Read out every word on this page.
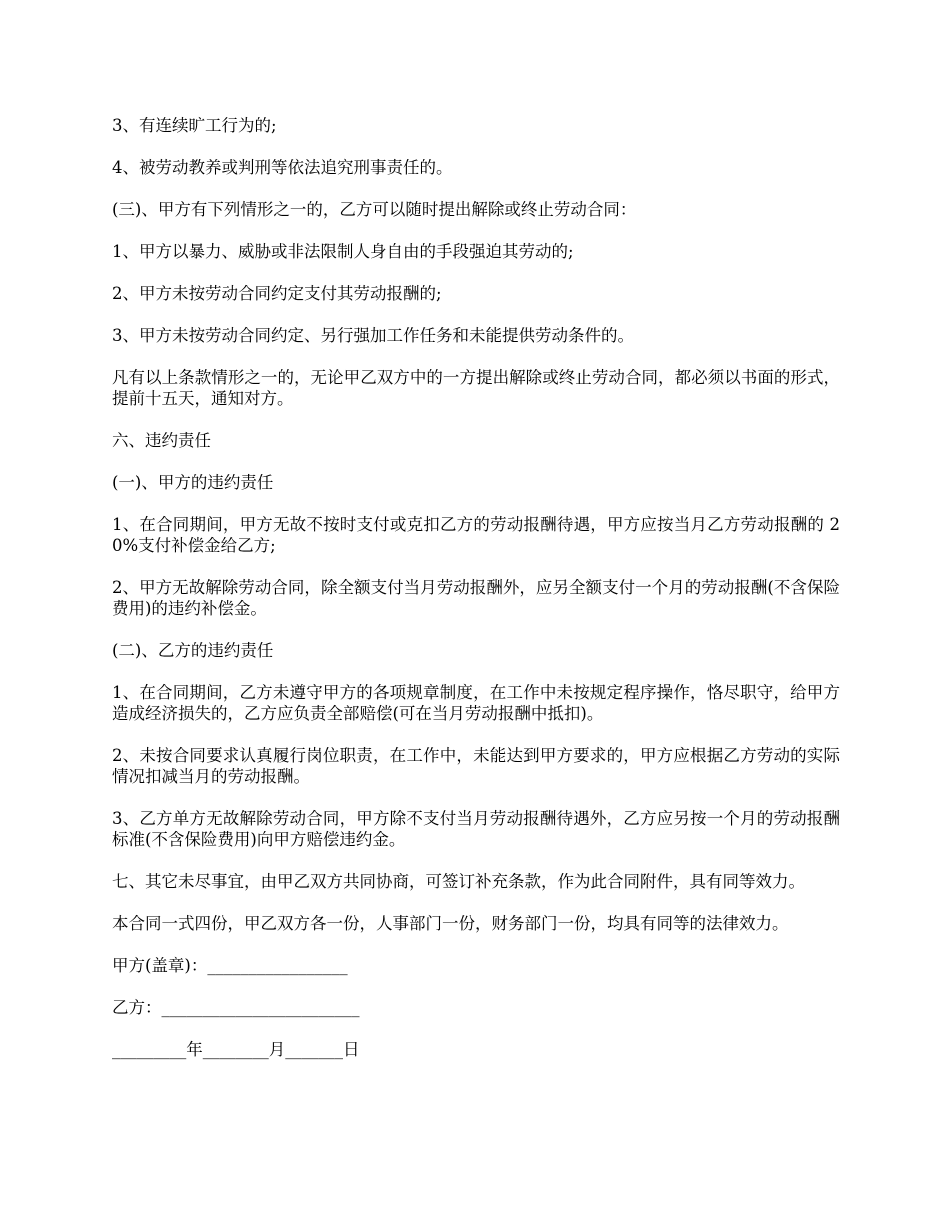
3、有连续旷工行为的;

4、被劳动教养或判刑等依法追究刑事责任的。

(三)、甲方有下列情形之一的，乙方可以随时提出解除或终止劳动合同：

1、甲方以暴力、威胁或非法限制人身自由的手段强迫其劳动的;

2、甲方未按劳动合同约定支付其劳动报酬的;

3、甲方未按劳动合同约定、另行强加工作任务和未能提供劳动条件的。

凡有以上条款情形之一的，无论甲乙双方中的一方提出解除或终止劳动合同，都必须以书面的形式，提前十五天，通知对方。

六、违约责任

(一)、甲方的违约责任

1、在合同期间，甲方无故不按时支付或克扣乙方的劳动报酬待遇，甲方应按当月乙方劳动报酬的 20%支付补偿金给乙方;

2、甲方无故解除劳动合同，除全额支付当月劳动报酬外，应另全额支付一个月的劳动报酬(不含保险费用)的违约补偿金。

(二)、乙方的违约责任

1、在合同期间，乙方未遵守甲方的各项规章制度，在工作中未按规定程序操作，恪尽职守，给甲方造成经济损失的，乙方应负责全部赔偿(可在当月劳动报酬中抵扣)。

2、未按合同要求认真履行岗位职责，在工作中，未能达到甲方要求的，甲方应根据乙方劳动的实际情况扣减当月的劳动报酬。

3、乙方单方无故解除劳动合同，甲方除不支付当月劳动报酬待遇外，乙方应另按一个月的劳动报酬标准(不含保险费用)向甲方赔偿违约金。

七、其它未尽事宜，由甲乙双方共同协商，可签订补充条款，作为此合同附件，具有同等效力。

本合同一式四份，甲乙双方各一份，人事部门一份，财务部门一份，均具有同等的法律效力。

甲方(盖章)：_________________

乙方：________________________

_________年________月_______日
